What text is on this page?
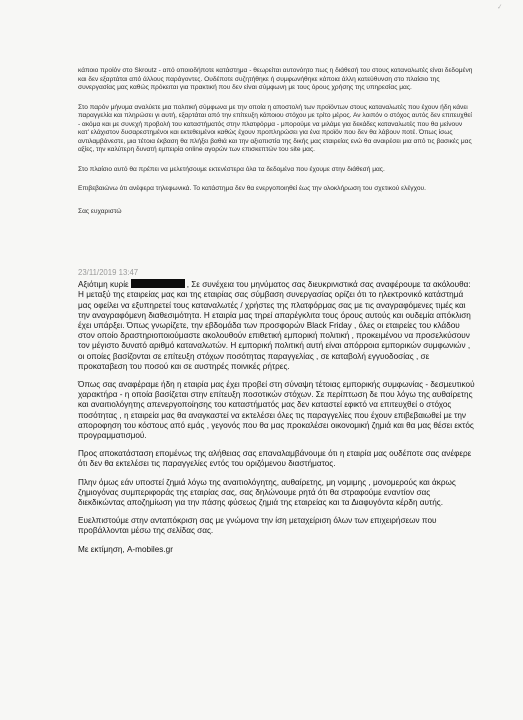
✓

κάποιο προϊόν στο Skroutz - από οποιοδήποτε κατάστημα - θεωρείται αυτονόητο πως η διάθεσή του στους καταναλωτές είναι δεδομένη και δεν εξαρτάται από άλλους παράγοντες. Ουδέποτε συζητήθηκε ή συμφωνήθηκε κάποια άλλη κατεύθυνση στο πλαίσιο της συνεργασίας μας καθώς πρόκειται για πρακτική που δεν είναι σύμφωνη με τους όρους χρήσης της υπηρεσίας μας.

Στο παρόν μήνυμα αναλύετε μια πολιτική σύμφωνα με την οποία η αποστολή των προϊόντων στους καταναλωτές που έχουν ήδη κάνει παραγγελία και πληρώσει γι αυτή, εξαρτάται από την επίτευξη κάποιου στόχου με τρίτο μέρος. Αν λοιπόν ο στόχος αυτός δεν επιτευχθεί - ακόμα και με συνεχή προβολή του καταστήματός στην πλατφόρμα - μπορούμε να μιλάμε για δεκάδες καταναλωτές που θα μείνουν κατ' ελάχιστον δυσαρεστημένοι και εκτεθειμένοι καθώς έχουν προπληρώσει για ένα προϊόν που δεν θα λάβουν ποτέ. Όπως ίσως αντιλαμβάνεστε, μια τέτοια έκβαση θα πλήξει βαθιά και την αξιοπιστία της δικής μας εταιρείας ενώ θα αναιρέσει μια από τις βασικές μας αξίες, την καλύτερη δυνατή εμπειρία online αγορών των επισκεπτών του site μας.

Στο πλαίσιο αυτό θα πρέπει να μελετήσουμε εκτενέστερα όλα τα δεδομένα που έχουμε στην διάθεσή μας.

Επιβεβαιώνω ότι ανέφερα τηλεφωνικά. Το κατάστημα δεν θα ενεργοποιηθεί έως την ολοκλήρωση του σχετικού ελέγχου.

Σας ευχαριστώ

23/11/2019 13:47

Αξιότιμη κυρίε	, Σε συνέχεια του μηνύματος σας διευκρινιστικά σας αναφέρουμε τα ακόλουθα: Η μεταξύ της εταιρείας μας και της εταιρίας σας σύμβαση συνεργασίας ορίζει ότι το ηλεκτρονικό κατάστημά μας οφείλει να εξυπηρετεί τους καταναλωτές / χρήστες της πλατφόρμας σας με τις αναγραφόμενες τιμές και την αναγραφόμενη διαθεσιμότητα. Η εταιρία μας τηρεί απαρέγκλιτα τους όρους αυτούς και ουδεμία απόκλιση έχει υπάρξει. Όπως γνωρίζετε, την εβδομάδα των προσφορών Black Friday , όλες οι εταιρείες του κλάδου στον οποίο δραστηριοποιούμαστε ακολουθούν επιθετική εμπορική πολιτική , προκειμένου να προσελκύσουν τον μέγιστο δυνατό αριθμό καταναλωτών. Η εμπορική πολιτική αυτή είναι απόρροια εμπορικών συμφωνιών , οι οποίες βασίζονται σε επίτευξη στόχων ποσότητας παραγγελίας , σε καταβολή εγγυοδοσίας , σε προκαταβεση του ποσού και σε αυστηρές ποινικές ρήτρες.

Όπως σας αναφέραμε ήδη η εταιρία μας έχει προβεί στη σύναψη τέτοιας εμπορικής συμφωνίας - δεσμευτικού χαρακτήρα - η οποία βασίζεται στην επίτευξη ποσοτικών στόχων. Σε περίπτωση δε που λόγω της αυθαίρετης και αναιτιολόγητης απενεργοποίησης του καταστήματός μας δεν καταστεί εφικτό να επιτευχθεί ο στόχος ποσότητας , η εταιρεία μας θα αναγκαστεί να εκτελέσει όλες τις παραγγελίες που έχουν επιβεβαιωθεί με την αποροφηση του κόστους από εμάς , γεγονός που θα μας προκαλέσει οικονομική ζημιά και θα μας θέσει εκτός προγραμματισμού.

Προς αποκατάσταση επομένως της αλήθειας σας επαναλαμβάνουμε ότι η εταιρία μας ουδέποτε σας ανέφερε ότι δεν θα εκτελέσει τις παραγγελίες εντός του οριζόμενου διαστήματος.

Πλην όμως εάν υποστεί ζημιά λόγω της αναιτιολόγητης, αυθαίρετης, μη νομιμης , μονομερούς και άκρως ζημιογόνας συμπεριφοράς της εταιρίας σας, σας δηλώνουμε ρητά ότι θα στραφούμε εναντίον σας διεκδικώντας αποζημίωση για την πάσης φύσεως ζημιά της εταιρείας και τα Διαφυγόντα κέρδη αυτής.

Ευελπιστούμε στην ανταπόκριση σας με γνώμονα την ίση μεταχείριση όλων των επιχειρήσεων που προβάλλονται μέσω της σελίδας σας.

Με εκτίμηση, A-mobiles.gr
